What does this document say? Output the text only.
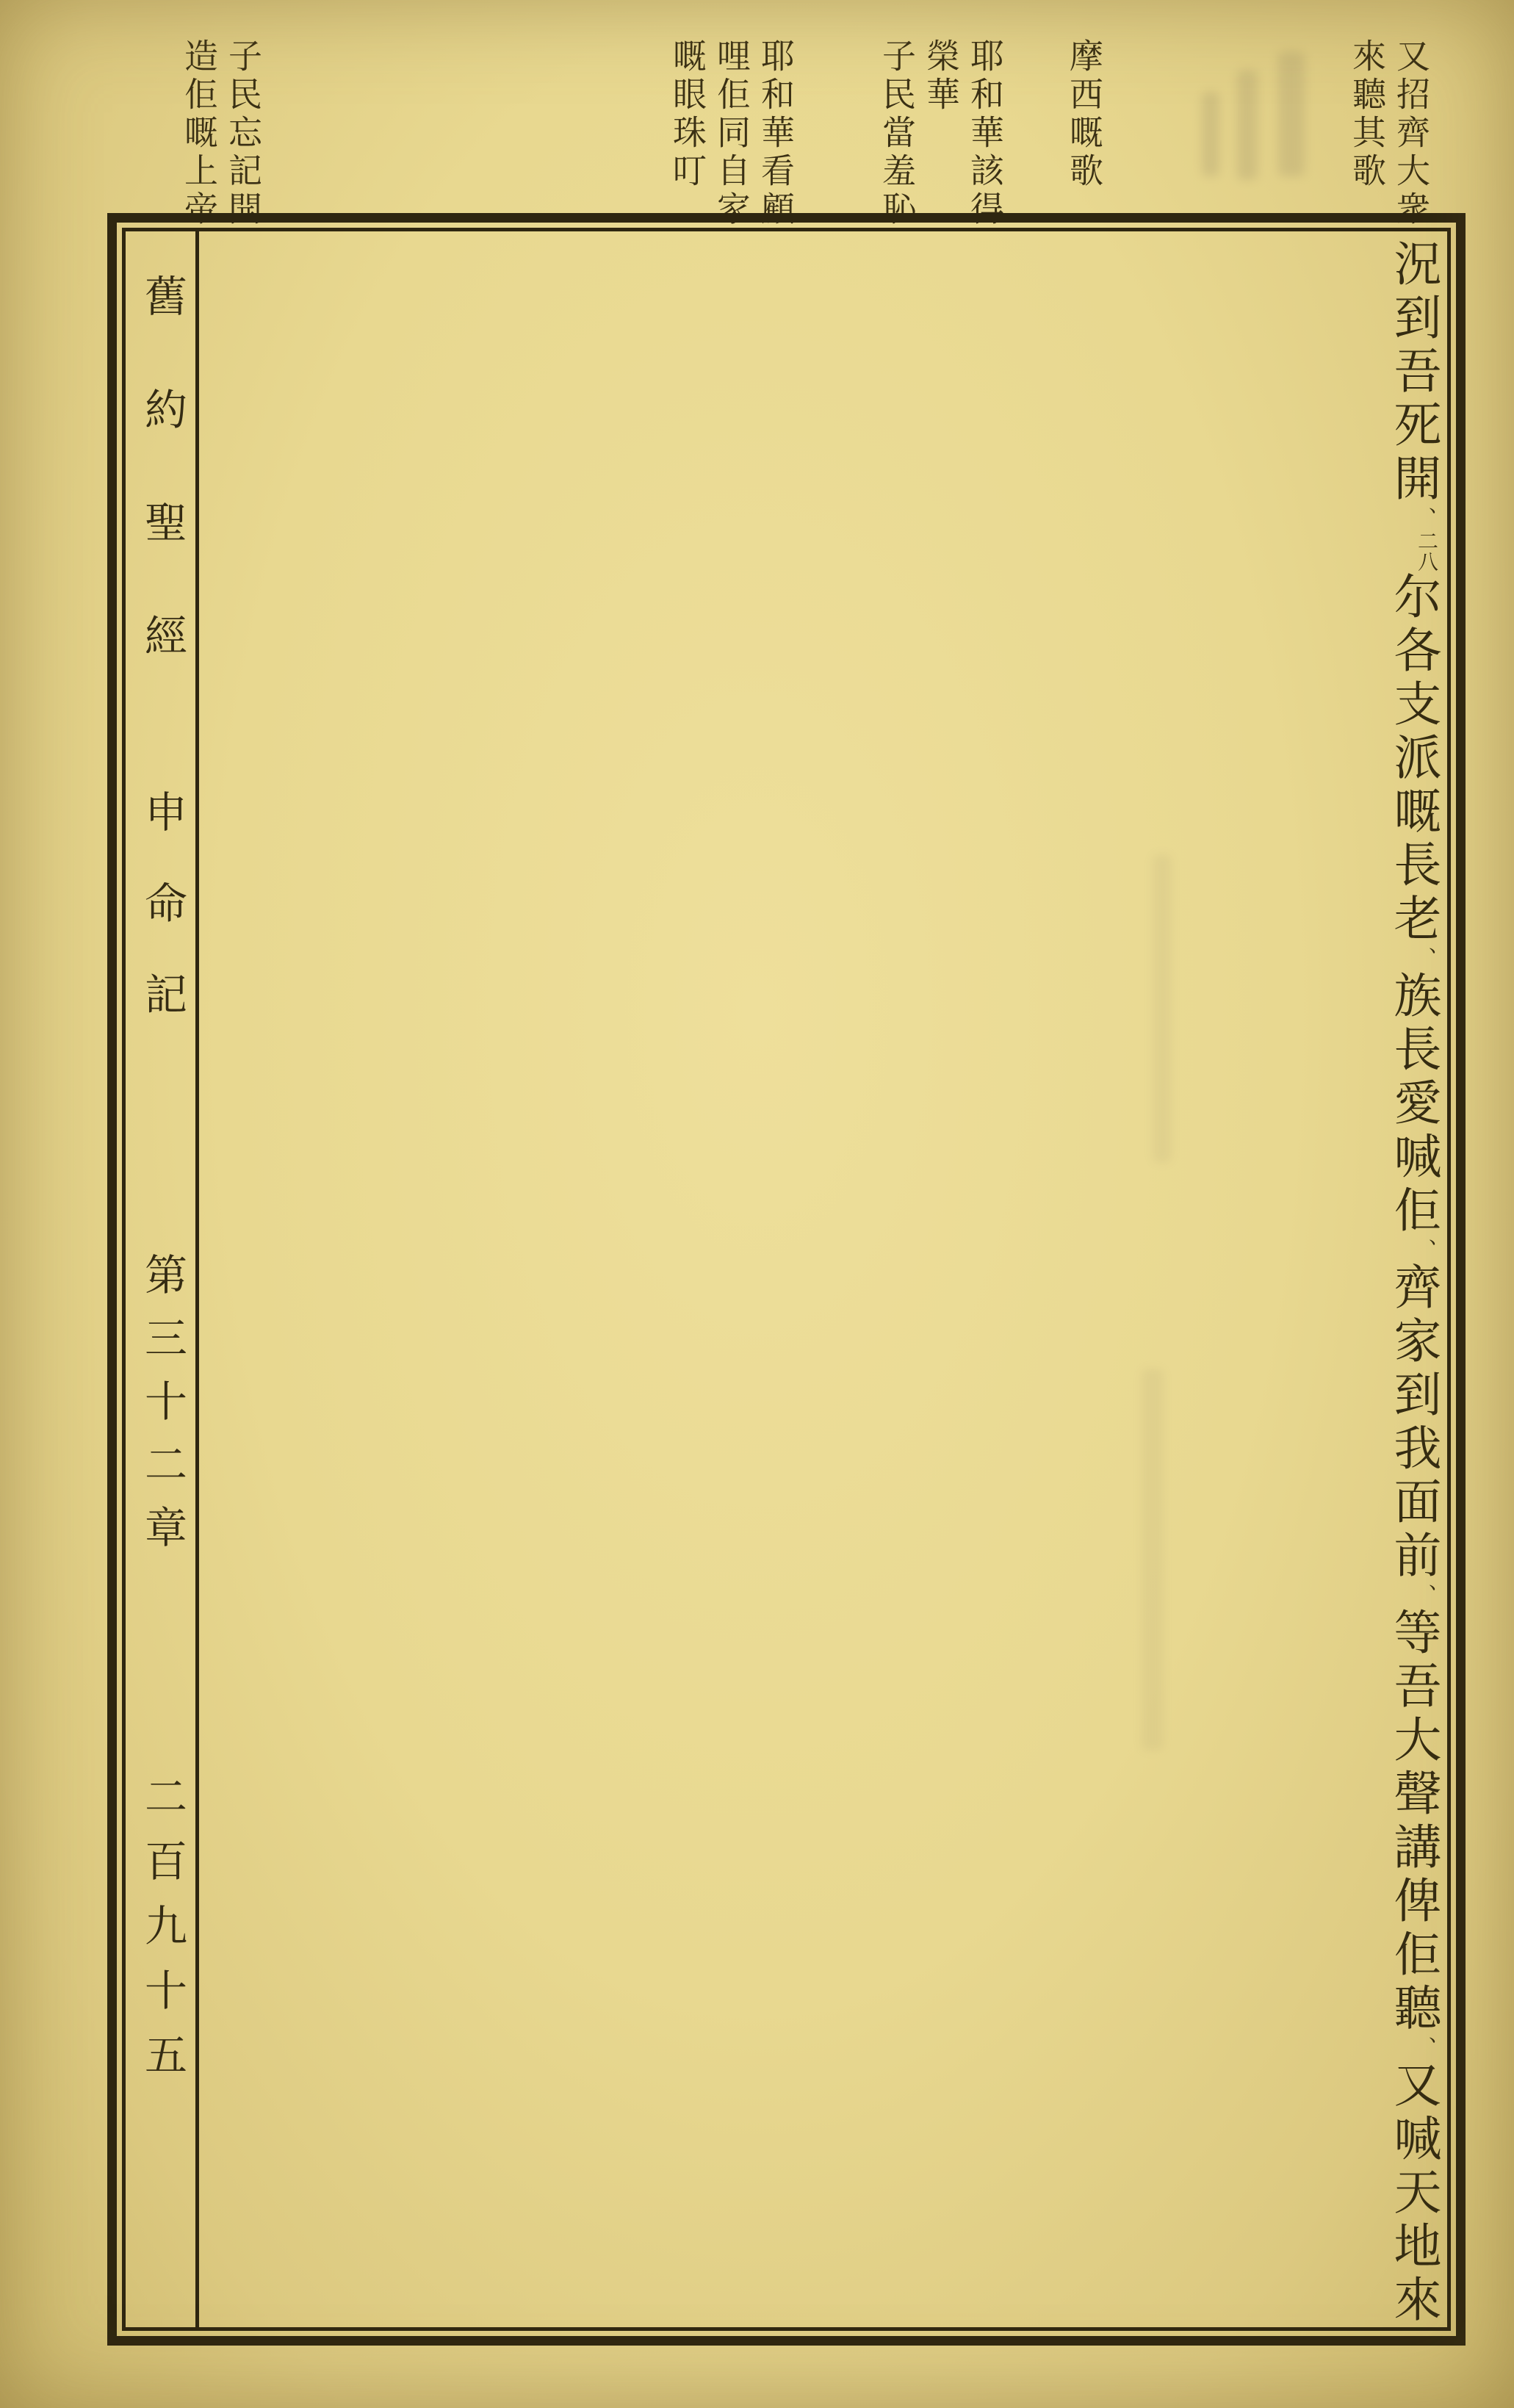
又招齊大衆
來聽其歌
摩西嘅歌
耶和華該得
榮華
子民當羞恥
耶和華看顧
哩佢同自家
嘅眼珠叮
子民忘記開
造佢嘅上帝
舊約聖經
申命記
第三十二章
二百九十五
況到吾死開、二八尔各支派嘅長老、族長愛喊佢、齊家到我面前、等吾大聲講俾佢聽、又喊天地來
